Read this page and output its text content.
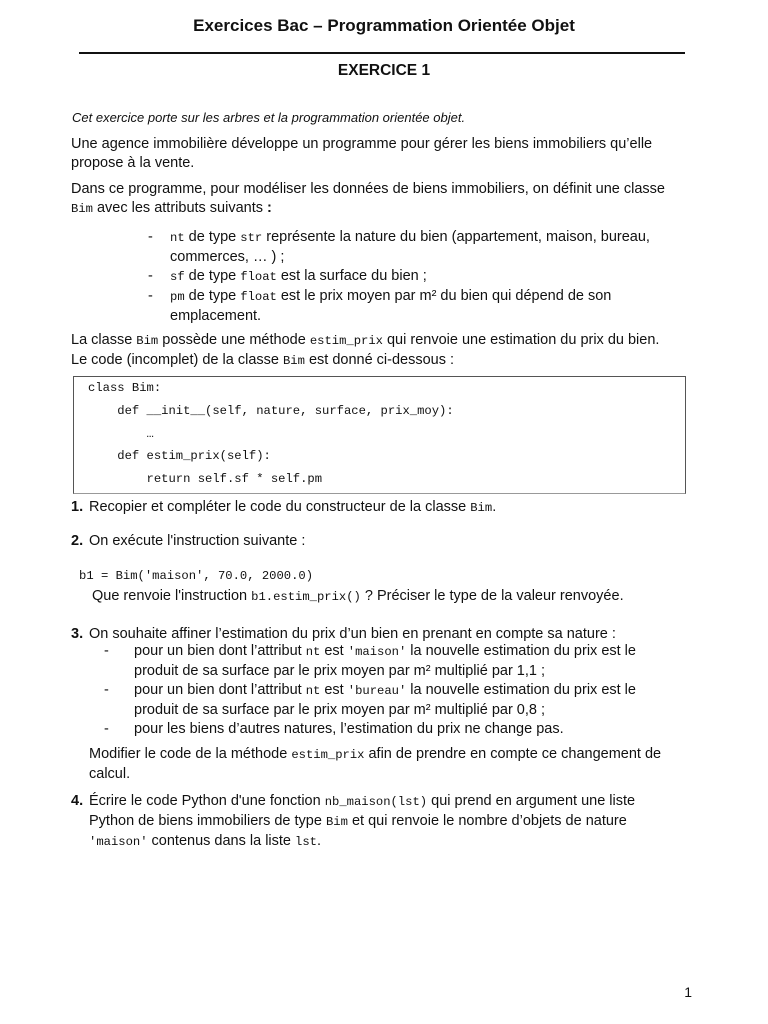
Exercices Bac – Programmation Orientée Objet
EXERCICE 1
Cet exercice porte sur les arbres et la programmation orientée objet.
Une agence immobilière développe un programme pour gérer les biens immobiliers qu’elle
propose à la vente.
Dans ce programme, pour modéliser les données de biens immobiliers, on définit une classe
Bim avec les attributs suivants :
- nt de type str représente la nature du bien (appartement, maison, bureau,
commerces, … ) ;
- sf de type float est la surface du bien ;
- pm de type float est le prix moyen par m² du bien qui dépend de son
emplacement.
La classe Bim possède une méthode estim_prix qui renvoie une estimation du prix du bien.
Le code (incomplet) de la classe Bim est donné ci-dessous :
class Bim:
def __init__(self, nature, surface, prix_moy):
…
def estim_prix(self):
return self.sf * self.pm
1. Recopier et compléter le code du constructeur de la classe Bim.
2. On exécute l'instruction suivante :
b1 = Bim('maison', 70.0, 2000.0)
Que renvoie l'instruction b1.estim_prix() ? Préciser le type de la valeur renvoyée.
3. On souhaite affiner l’estimation du prix d’un bien en prenant en compte sa nature :
- pour un bien dont l’attribut nt est 'maison' la nouvelle estimation du prix est le
produit de sa surface par le prix moyen par m² multiplié par 1,1 ;
- pour un bien dont l’attribut nt est 'bureau' la nouvelle estimation du prix est le
produit de sa surface par le prix moyen par m² multiplié par 0,8 ;
- pour les biens d’autres natures, l’estimation du prix ne change pas.
Modifier le code de la méthode estim_prix afin de prendre en compte ce changement de
calcul.
4. Écrire le code Python d'une fonction nb_maison(lst) qui prend en argument une liste
Python de biens immobiliers de type Bim et qui renvoie le nombre d’objets de nature
'maison' contenus dans la liste lst.
1
